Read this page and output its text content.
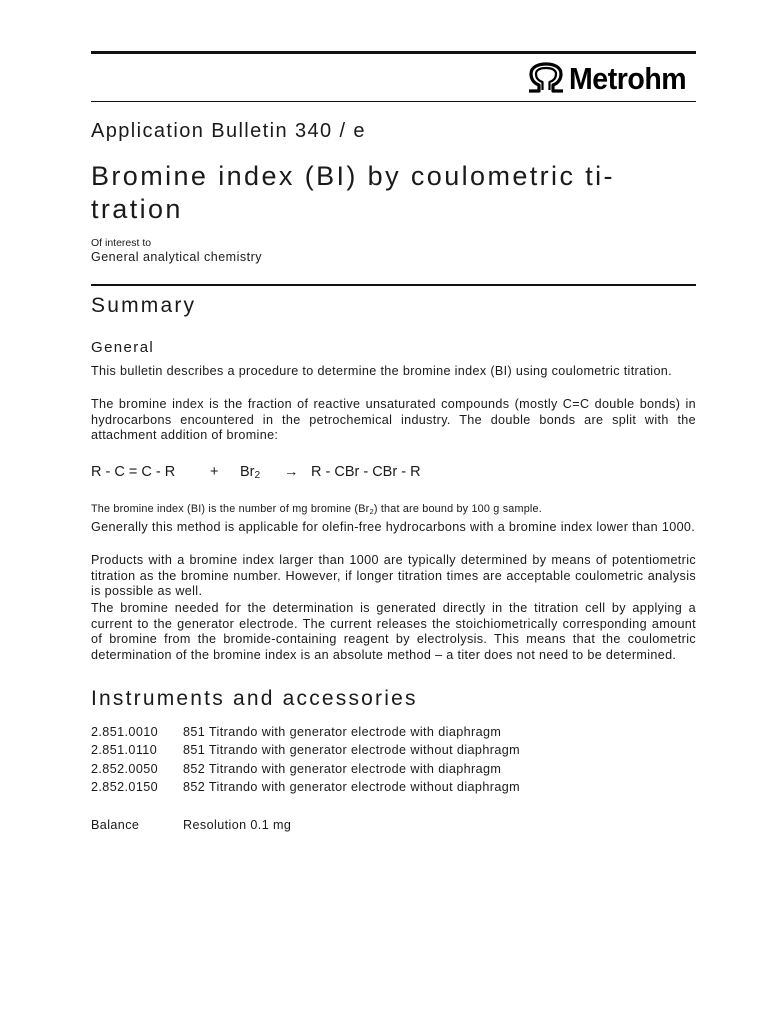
Metrohm
Application Bulletin 340 / e
Bromine index (BI) by coulometric ti-tration
Of interest to
General analytical chemistry
Summary
General
This bulletin describes a procedure to determine the bromine index (BI) using coulometric titration.
The bromine index is the fraction of reactive unsaturated compounds (mostly C=C double bonds) in hydrocarbons encountered in the petrochemical industry. The double bonds are split with the attachment addition of bromine:
$R - C = C - R + Br_2 \to R$ - CBr - CBr - R
The bromine index (BI) is the number of mg bromine $(Br_2)$ that are bound by 100 g sample.
Generally this method is applicable for olefin-free hydrocarbons with a bromine index lower than 1000.
Products with a bromine index larger than 1000 are typically determined by means of potentiometric titration as the bromine number. However, if longer titration times are acceptable coulometric analysis is possible as well.
The bromine needed for the determination is generated directly in the titration cell by applying a current to the generator electrode. The current releases the stoichiometrically corresponding amount of bromine from the bromide-containing reagent by electrolysis. This means that the coulometric determination of the bromine index is an absolute method – a titer does not need to be determined.
Instruments and accessories
2.851.0010 851 Titrando with generator electrode with diaphragm
2.851.0110 851 Titrando with generator electrode without diaphragm
2.852.0050 852 Titrando with generator electrode with diaphragm
2.852.0150 852 Titrando with generator electrode without diaphragm
Balance	Resolution 0.1 mg
